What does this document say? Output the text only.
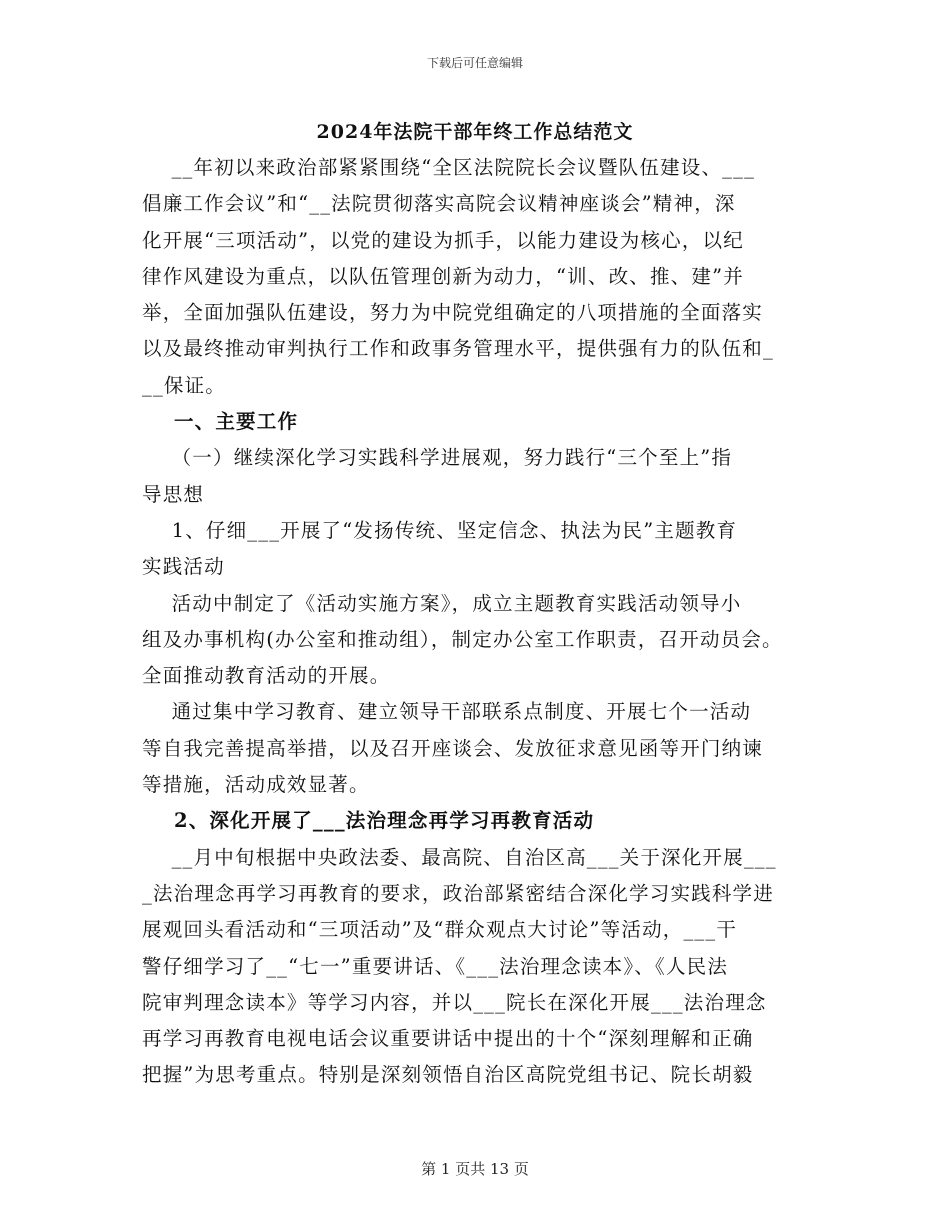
下载后可任意编辑
2024年法院干部年终工作总结范文
__年初以来政治部紧紧围绕“全区法院院长会议暨队伍建设、___
倡廉工作会议”和“__法院贯彻落实高院会议精神座谈会”精神，深
化开展“三项活动”，以党的建设为抓手，以能力建设为核心，以纪
律作风建设为重点，以队伍管理创新为动力，“训、改、推、建”并
举，全面加强队伍建设，努力为中院党组确定的八项措施的全面落实
以及最终推动审判执行工作和政事务管理水平，提供强有力的队伍和_
__保证。
一、主要工作
（一）继续深化学习实践科学进展观，努力践行“三个至上”指
导思想
1、仔细___开展了“发扬传统、坚定信念、执法为民”主题教育
实践活动
活动中制定了《活动实施方案》，成立主题教育实践活动领导小
组及办事机构(办公室和推动组），制定办公室工作职责，召开动员会。
全面推动教育活动的开展。
通过集中学习教育、建立领导干部联系点制度、开展七个一活动
等自我完善提高举措，以及召开座谈会、发放征求意见函等开门纳谏
等措施，活动成效显著。
2、深化开展了___法治理念再学习再教育活动
__月中旬根据中央政法委、最高院、自治区高___关于深化开展___
_法治理念再学习再教育的要求，政治部紧密结合深化学习实践科学进
展观回头看活动和“三项活动”及“群众观点大讨论”等活动，___干
警仔细学习了__“七一”重要讲话、《___法治理念读本》、《人民法
院审判理念读本》等学习内容，并以___院长在深化开展___法治理念
再学习再教育电视电话会议重要讲话中提出的十个“深刻理解和正确
把握”为思考重点。特别是深刻领悟自治区高院党组书记、院长胡毅
第 1 页共 13 页
